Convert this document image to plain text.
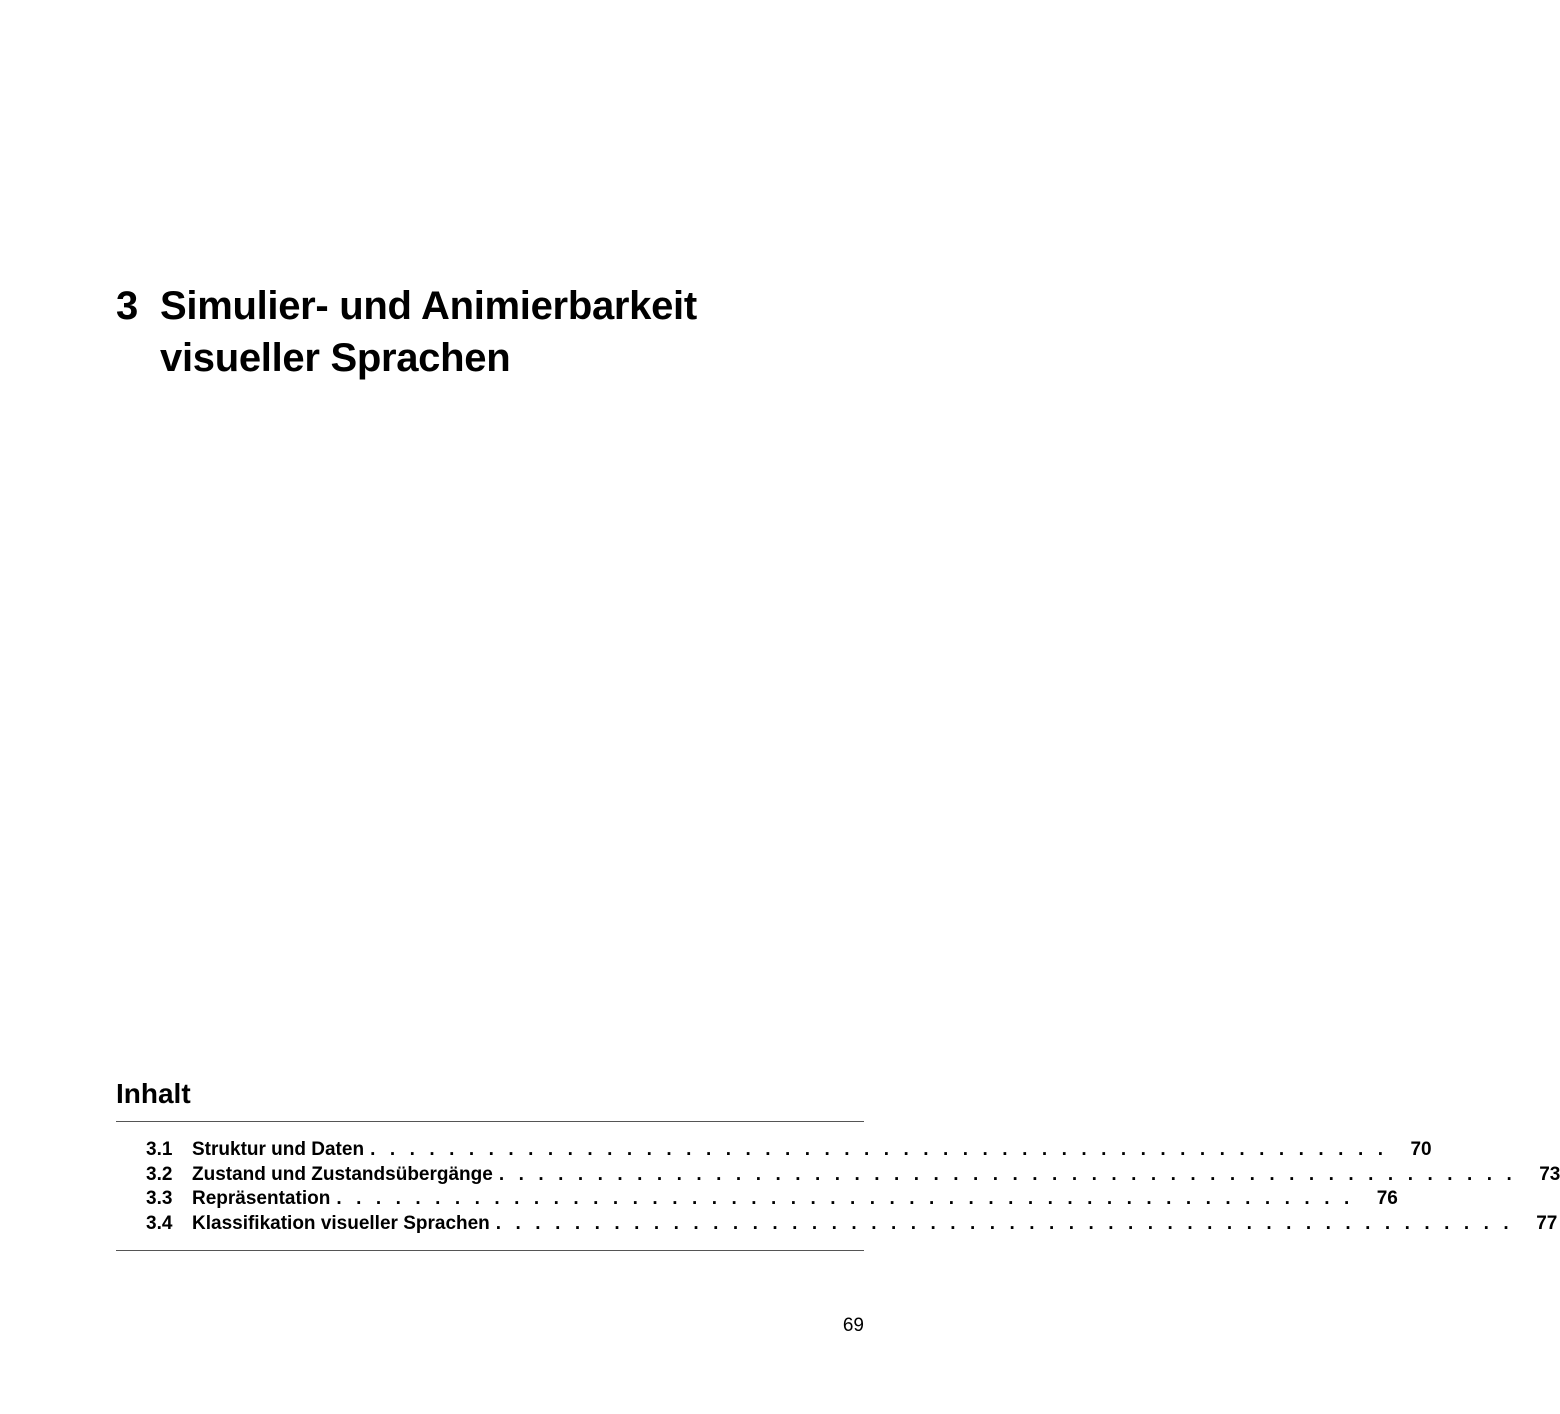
3 Simulier- und Animierbarkeit
visueller Sprachen
Inhalt
3.1	Struktur und Daten . . . . . . . . . . . . . . . . . . . . . . . . . . . . . . . . . . . . . . . . . . . . . . . . . . . .	70
3.2	Zustand und Zustandsübergänge . . . . . . . . . . . . . . . . . . . . . . . . . . . . . . . . . . . . . . . . . . . . . . . . . . . .	73
3.3	Repräsentation . . . . . . . . . . . . . . . . . . . . . . . . . . . . . . . . . . . . . . . . . . . . . . . . . . . .	76
3.4	Klassifikation visueller Sprachen . . . . . . . . . . . . . . . . . . . . . . . . . . . . . . . . . . . . . . . . . . . . . . . . . . . .	77
69
